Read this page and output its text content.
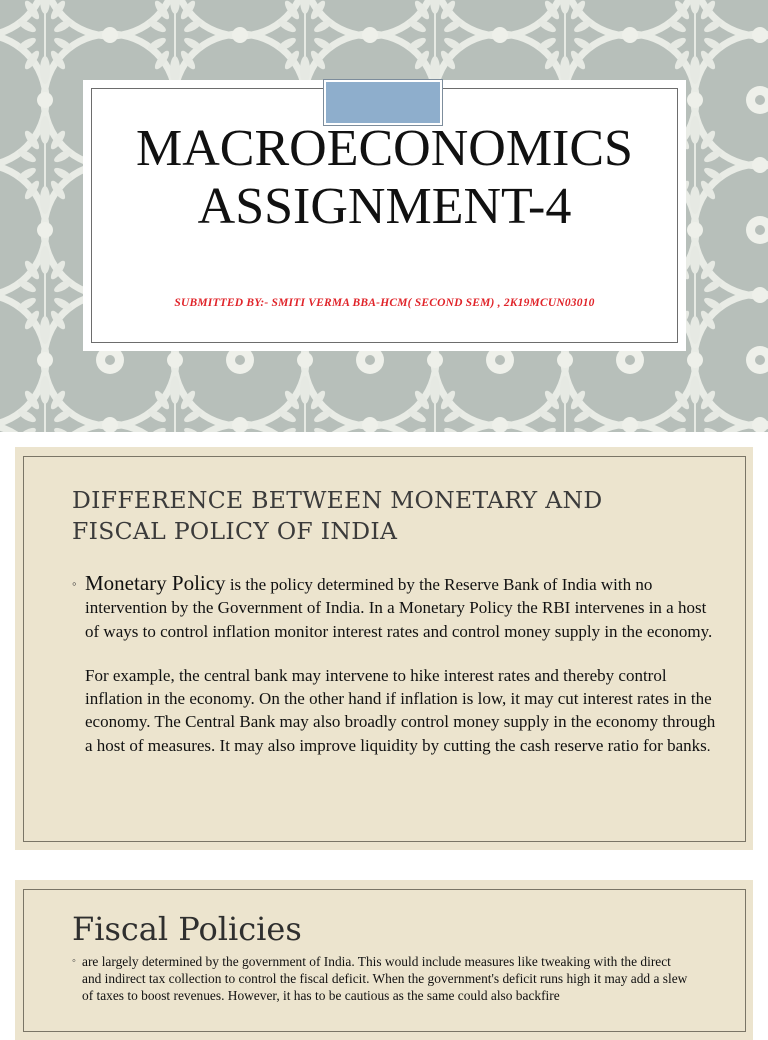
MACROECONOMICS
ASSIGNMENT-4
SUBMITTED BY:- SMITI VERMA BBA-HCM( SECOND SEM) , 2K19MCUN03010
DIFFERENCE BETWEEN MONETARY AND
FISCAL POLICY OF INDIA
◦ Monetary Policy is the policy determined by the Reserve Bank of India with no intervention by the Government of India. In a Monetary Policy the RBI intervenes in a host of ways to control inflation monitor interest rates and control money supply in the economy.
For example, the central bank may intervene to hike interest rates and thereby control inflation in the economy. On the other hand if inflation is low, it may cut interest rates in the economy. The Central Bank may also broadly control money supply in the economy through a host of measures. It may also improve liquidity by cutting the cash reserve ratio for banks.
Fiscal Policies
◦ are largely determined by the government of India. This would include measures like tweaking with the direct and indirect tax collection to control the fiscal deficit. When the government's deficit runs high it may add a slew of taxes to boost revenues. However, it has to be cautious as the same could also backfire
